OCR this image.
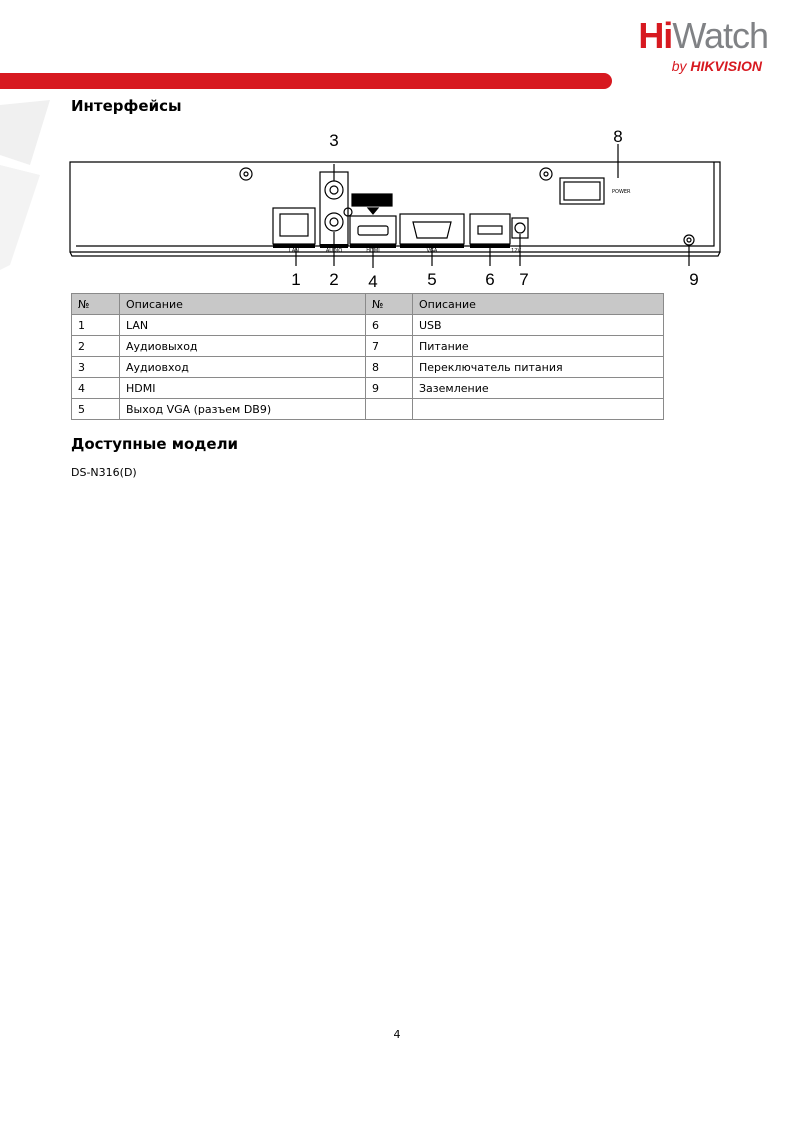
HiWatch
by HIKVISION
Интерфейсы
LAN	AUDIO	HDMI	VGA	12V
POWER
1 2
3
4	5	6 7
8
9
№	Описание	№	Описание
1	LAN	6	USB
2	Аудиовыход	7	Питание
3	Аудиовход	8	Переключатель питания
4	HDMI	9	Заземление
5	Выход VGA (разъем DB9)		
Доступные модели
DS-N316(D)
4
